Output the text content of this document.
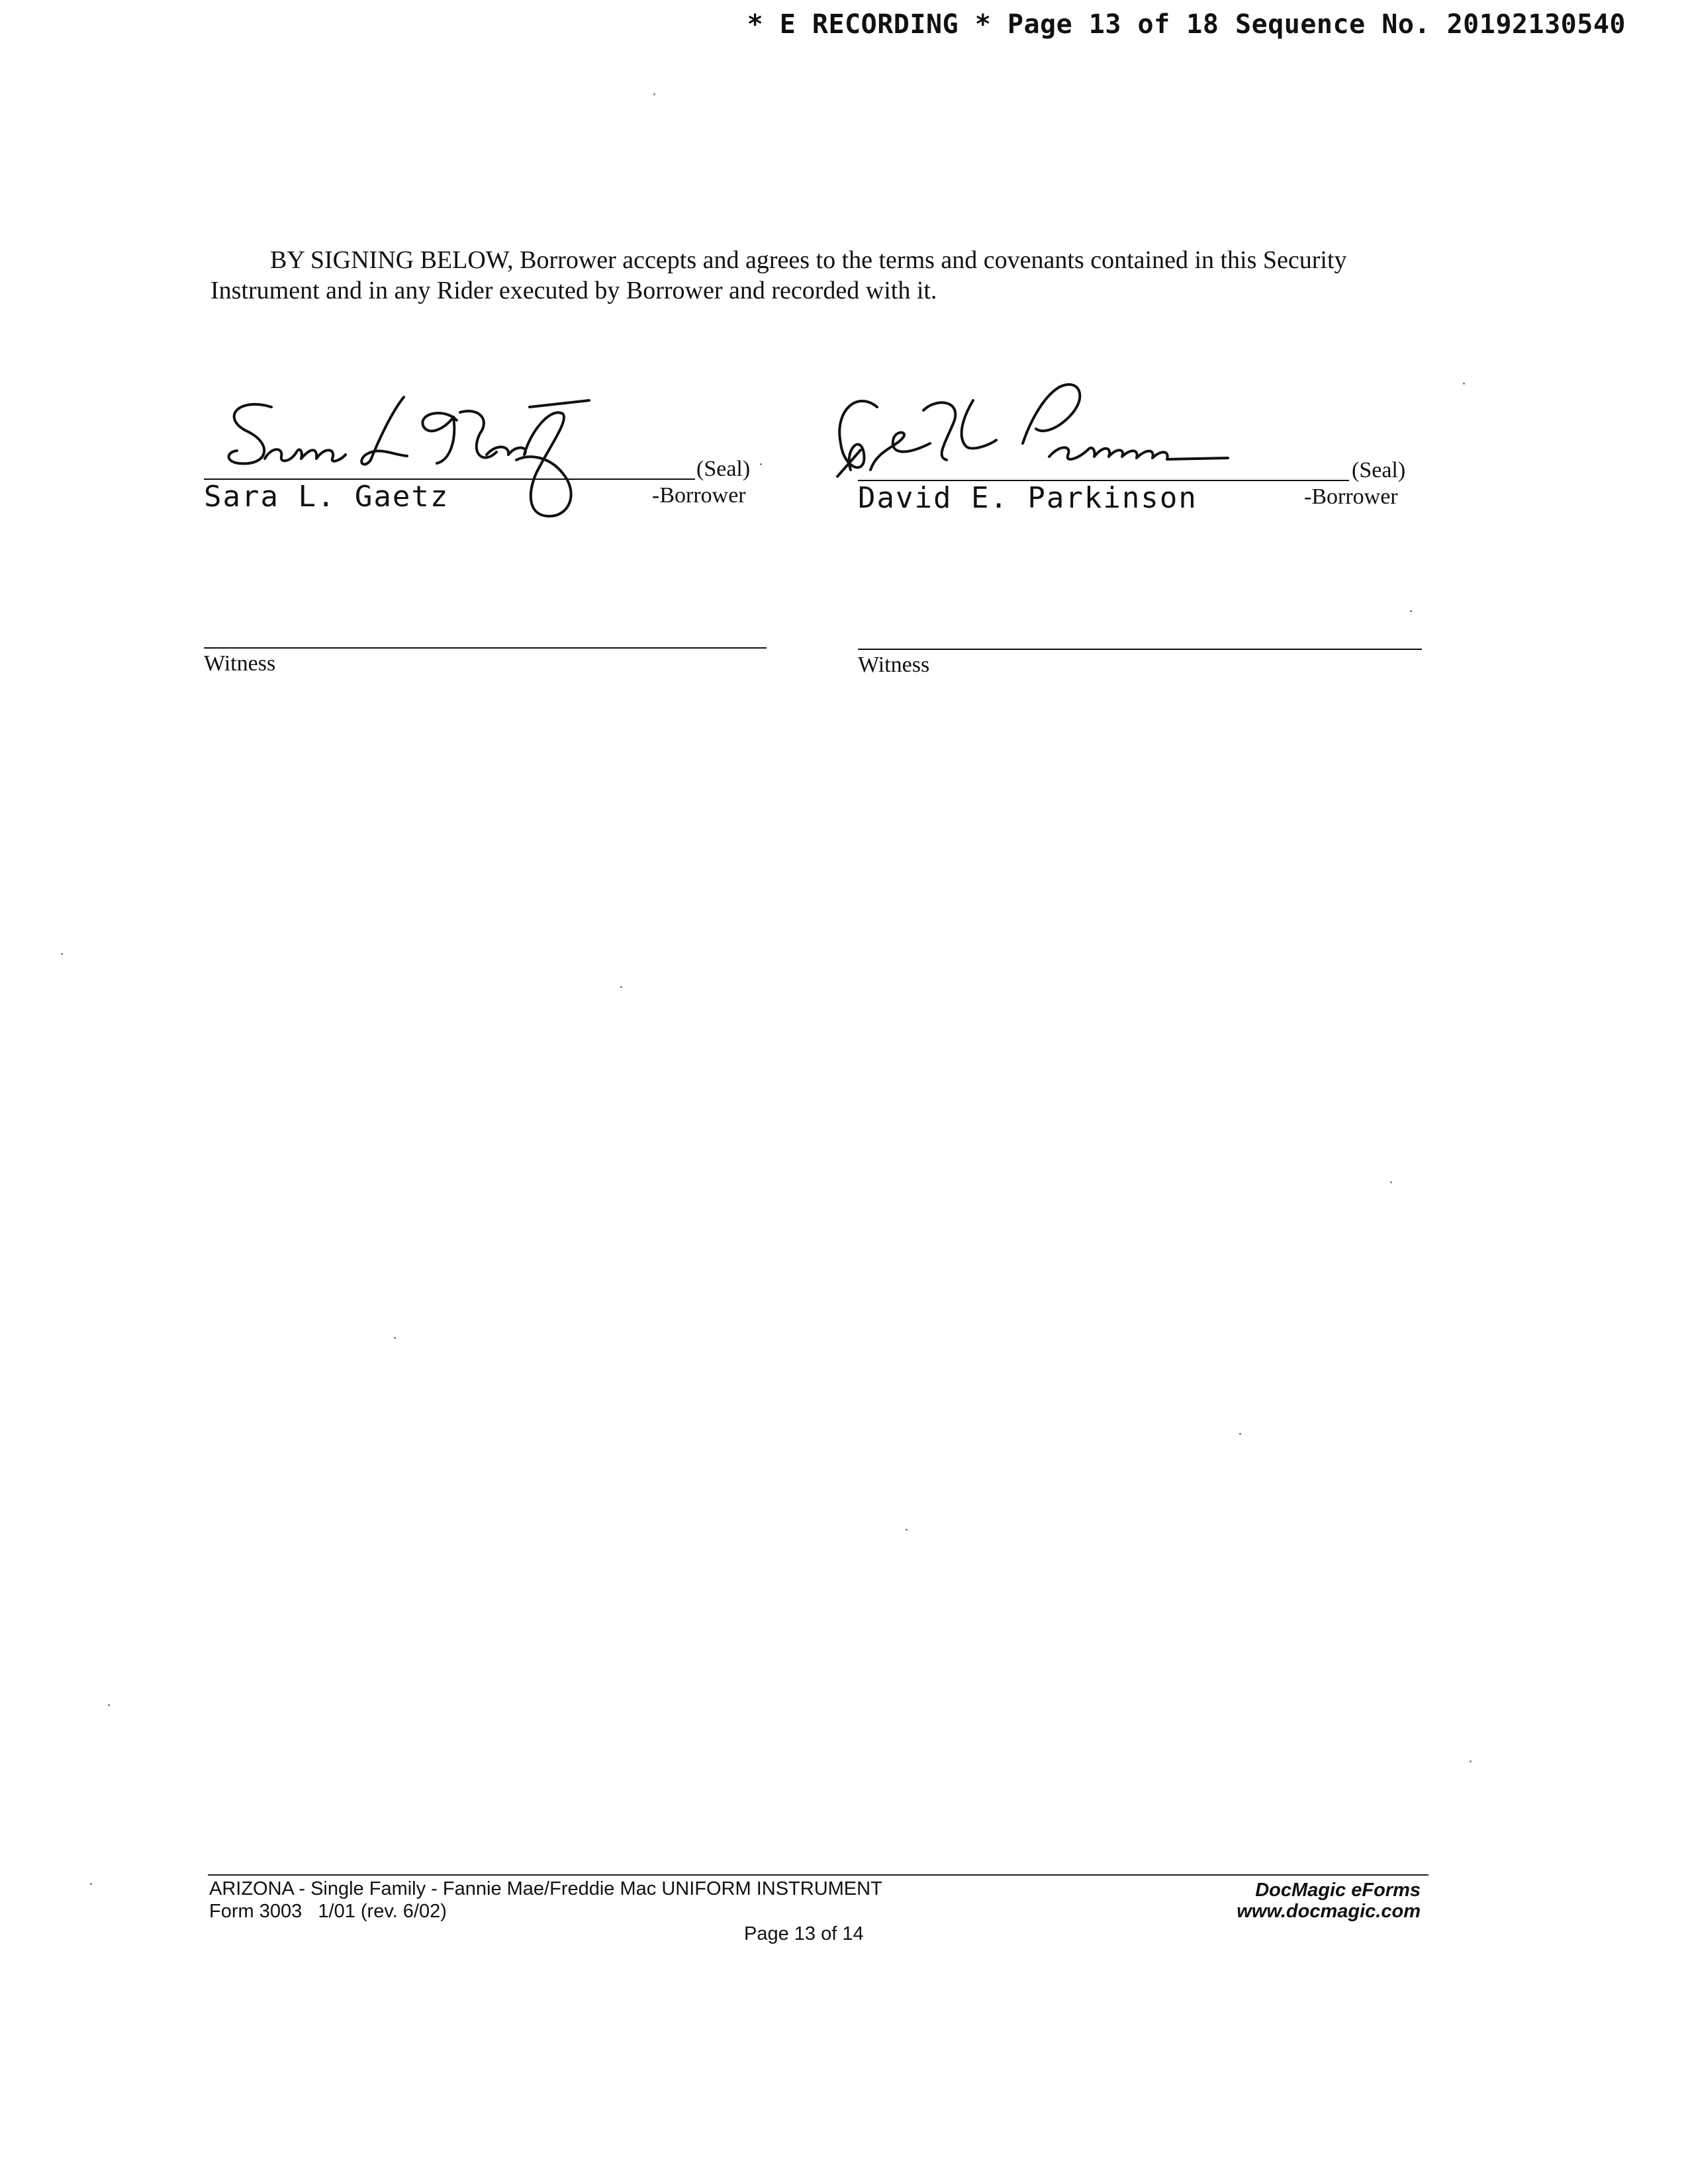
* E RECORDING * Page 13 of 18 Sequence No. 20192130540
BY SIGNING BELOW, Borrower accepts and agrees to the terms and covenants contained in this Security Instrument and in any Rider executed by Borrower and recorded with it.
(Seal)
Sara L. Gaetz	-Borrower
(Seal)
David E. Parkinson	-Borrower
Witness	Witness
ARIZONA - Single Family - Fannie Mae/Freddie Mac UNIFORM INSTRUMENT
Form 3003   1/01 (rev. 6/02)
Page 13 of 14
DocMagic eForms
www.docmagic.com
